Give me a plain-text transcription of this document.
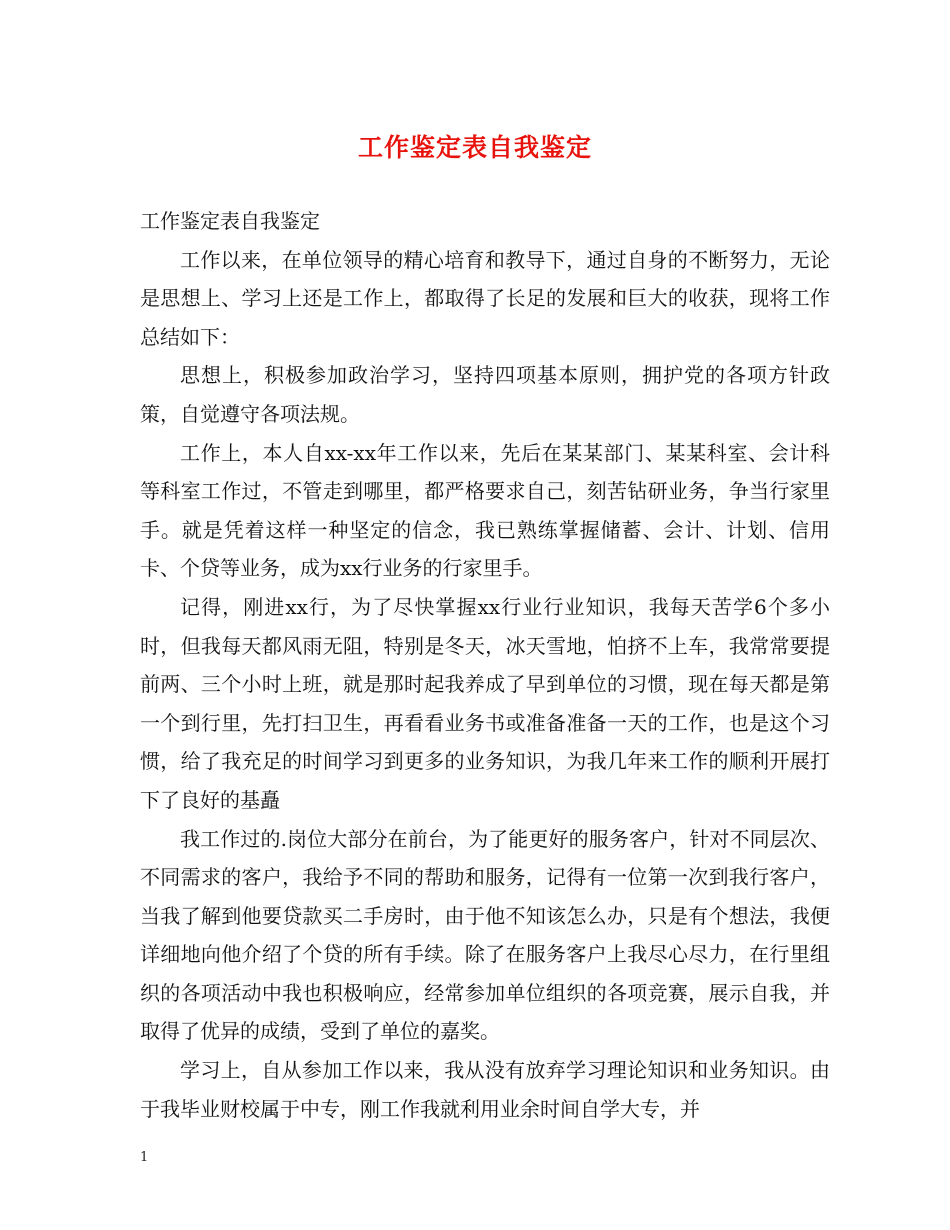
工作鉴定表自我鉴定

工作鉴定表自我鉴定

工作以来，在单位领导的精心培育和教导下，通过自身的不断努力，无论是思想上、学习上还是工作上，都取得了长足的发展和巨大的收获，现将工作总结如下：

思想上，积极参加政治学习，坚持四项基本原则，拥护党的各项方针政策，自觉遵守各项法规。

工作上，本人自xx-xx年工作以来，先后在某某部门、某某科室、会计科等科室工作过，不管走到哪里，都严格要求自己，刻苦钻研业务，争当行家里手。就是凭着这样一种坚定的信念，我已熟练掌握储蓄、会计、计划、信用卡、个贷等业务，成为xx行业务的行家里手。

记得，刚进xx行，为了尽快掌握xx行业行业知识，我每天苦学6个多小时，但我每天都风雨无阻，特别是冬天，冰天雪地，怕挤不上车，我常常要提前两、三个小时上班，就是那时起我养成了早到单位的习惯，现在每天都是第一个到行里，先打扫卫生，再看看业务书或准备准备一天的工作，也是这个习惯，给了我充足的时间学习到更多的业务知识，为我几年来工作的顺利开展打下了良好的基矗

我工作过的.岗位大部分在前台，为了能更好的服务客户，针对不同层次、不同需求的客户，我给予不同的帮助和服务，记得有一位第一次到我行客户，当我了解到他要贷款买二手房时，由于他不知该怎么办，只是有个想法，我便详细地向他介绍了个贷的所有手续。除了在服务客户上我尽心尽力，在行里组织的各项活动中我也积极响应，经常参加单位组织的各项竞赛，展示自我，并取得了优异的成绩，受到了单位的嘉奖。

学习上，自从参加工作以来，我从没有放弃学习理论知识和业务知识。由于我毕业财校属于中专，刚工作我就利用业余时间自学大专，并

1
